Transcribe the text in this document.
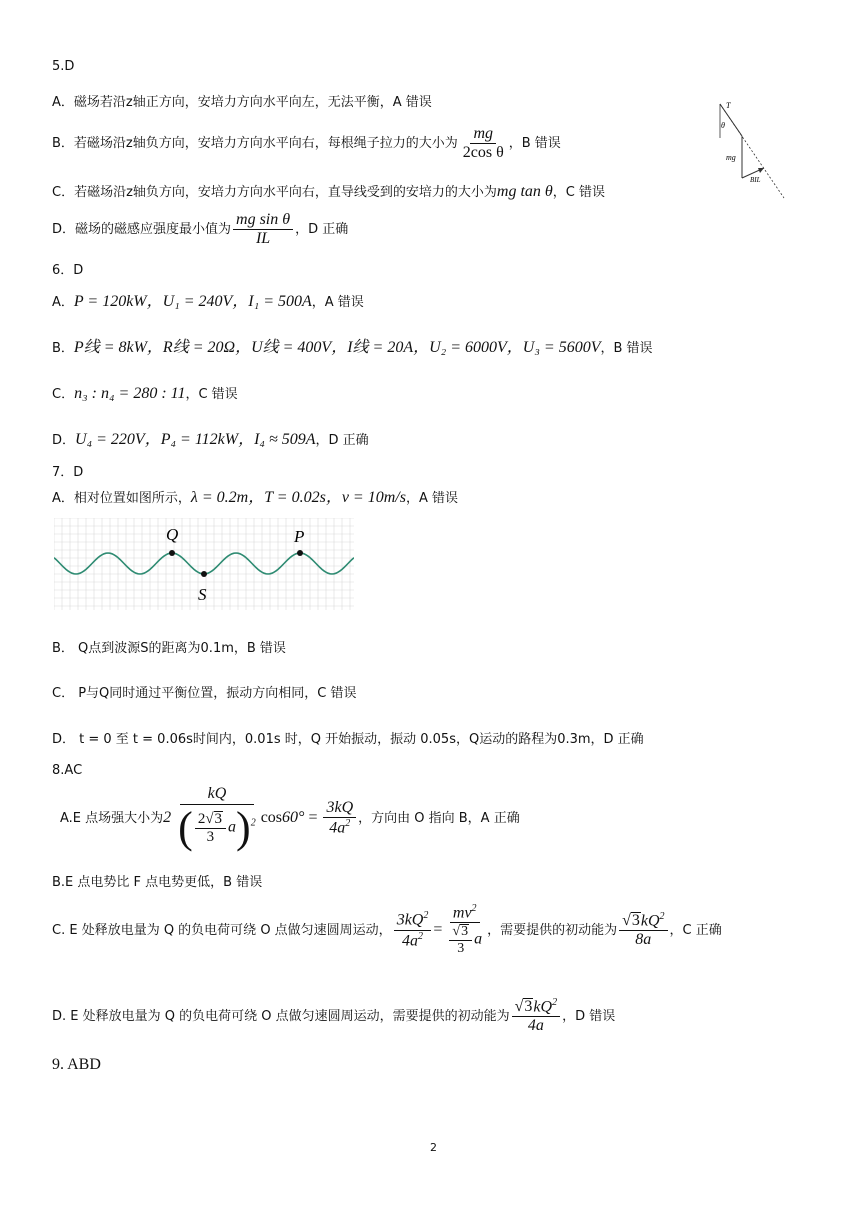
5.D
A．磁场若沿z轴正方向，安培力方向水平向左，无法平衡，A 错误
B．若磁场沿z轴负方向，安培力方向水平向右，每根绳子拉力的大小为 $\frac{mg}{\text{2cos θ}}$ ，B 错误
C．若磁场沿z轴负方向，安培力方向水平向右，直导线受到的安培力的大小为mg tan θ，C 错误
D．磁场的磁感应强度最小值为 $\frac{\text{mg sin θ}}{IL}$ ，D 正确
T
θ
mg
BIL
6．D
A．P = 120kW，U₁ = 240V，I₁ = 500A，A 错误
B．P线 = 8kW，R线 = 20Ω，U线 = 400V，I线 = 20A，U₂ = 6000V，U₃ = 5600V，B 错误
C．n₃ : n₄ = 280 : 11，C 错误
D．U₄ = 220V，P₄ = 112kW，I₄ ≈ 509A，D 正确
7．D
A．相对位置如图所示，λ = 0.2m，T = 0.02s，v = 10m/s，A 错误
Q	P
S
B． Q点到波源S的距离为0.1m，B 错误
C． P与Q同时通过平衡位置，振动方向相同，C 错误
D． t = 0 至 t = 0.06s时间内，0.01s 时，Q 开始振动，振动 0.05s，Q运动的路程为0.3m，D 正确
8.AC
A.E 点场强大小为 $2 \frac{kQ}{( \frac{2√3}{3} a)^2}$ $\cos 60^\circ = \frac{3kQ}{4a^2}$ ，方向由 O 指向 B，A 正确
B.E 点电势比 F 点电势更低，B 错误
C. E 处释放电量为 Q 的负电荷可绕 O 点做匀速圆周运动， $\frac{3kQ^2}{4a^2} = \frac{mv^2}{\frac{√3}{3} a}$ ，需要提供的初动能为 $\frac{√3kQ^2}{8a}$ ，C 正确
D. E 处释放电量为 Q 的负电荷可绕 O 点做匀速圆周运动，需要提供的初动能为 $\frac{√3kQ^2}{4a}$ ，D 错误
9. ABD
2
